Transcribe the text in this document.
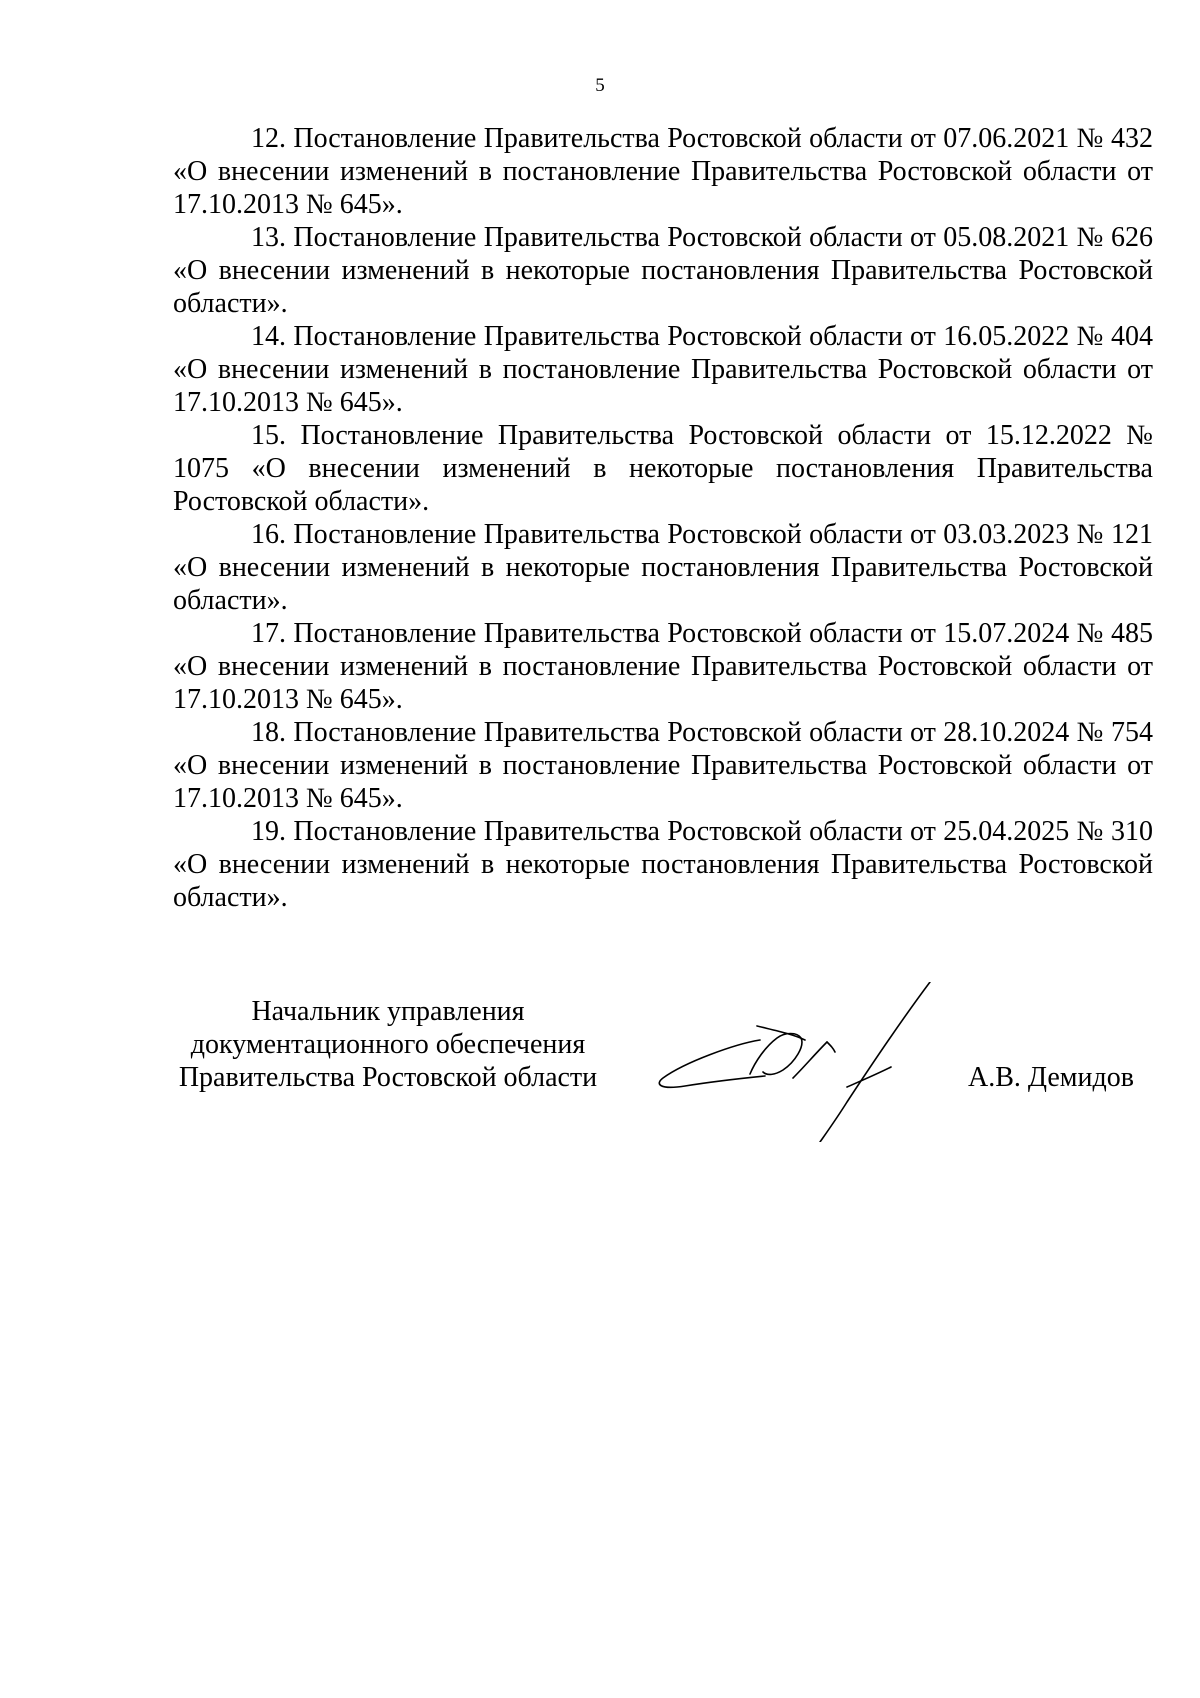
5

12. Постановление Правительства Ростовской области от 07.06.2021 № 432 «О внесении изменений в постановление Правительства Ростовской области от 17.10.2013 № 645».

13. Постановление Правительства Ростовской области от 05.08.2021 № 626 «О внесении изменений в некоторые постановления Правительства Ростовской области».

14. Постановление Правительства Ростовской области от 16.05.2022 № 404 «О внесении изменений в постановление Правительства Ростовской области от 17.10.2013 № 645».

15. Постановление Правительства Ростовской области от 15.12.2022 № 1075 «О внесении изменений в некоторые постановления Правительства Ростовской области».

16. Постановление Правительства Ростовской области от 03.03.2023 № 121 «О внесении изменений в некоторые постановления Правительства Ростовской области».

17. Постановление Правительства Ростовской области от 15.07.2024 № 485 «О внесении изменений в постановление Правительства Ростовской области от 17.10.2013 № 645».

18. Постановление Правительства Ростовской области от 28.10.2024 № 754 «О внесении изменений в постановление Правительства Ростовской области от 17.10.2013 № 645».

19. Постановление Правительства Ростовской области от 25.04.2025 № 310 «О внесении изменений в некоторые постановления Правительства Ростовской области».

Начальник управления
документационного обеспечения
Правительства Ростовской области	А.В. Демидов
